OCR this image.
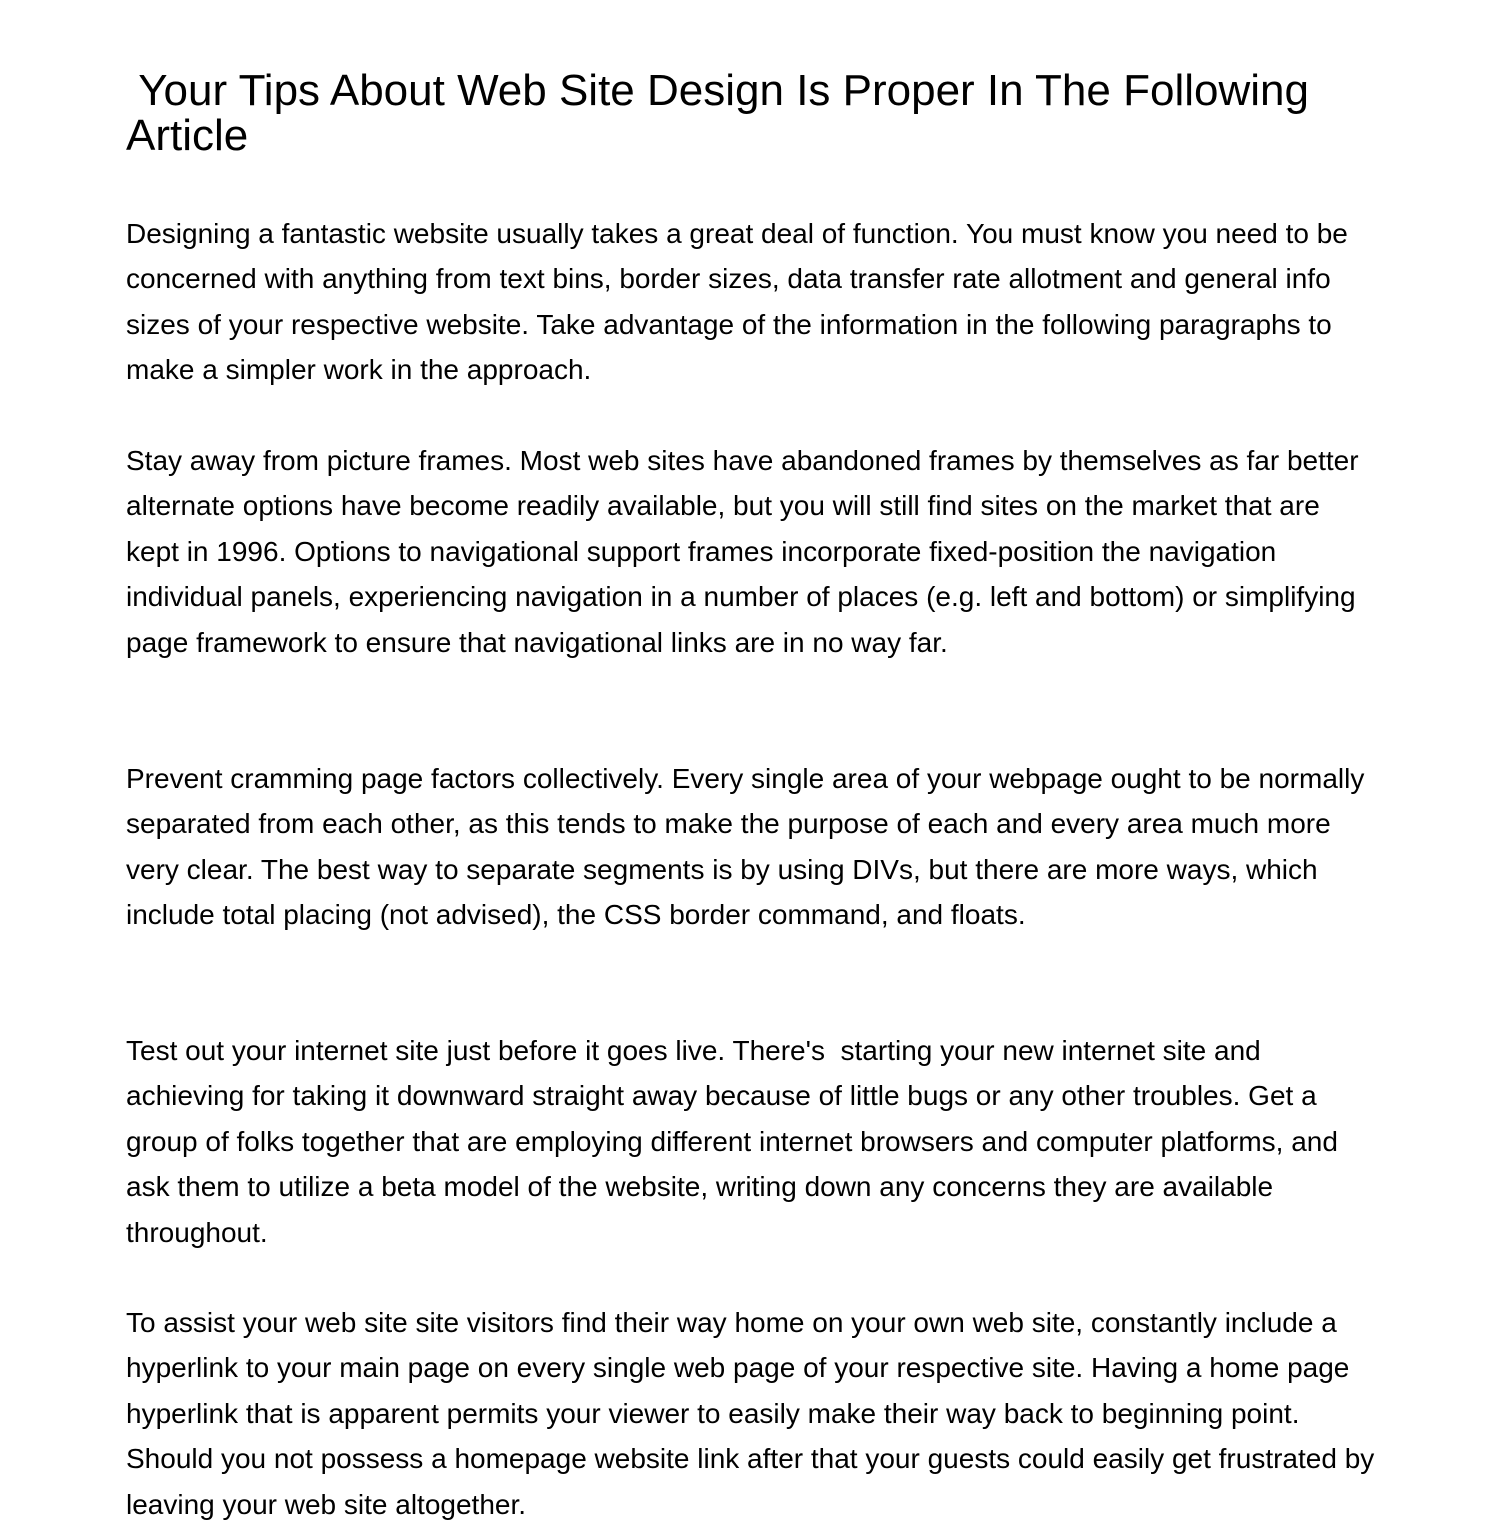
Your Tips About Web Site Design Is Proper In The Following Article

Designing a fantastic website usually takes a great deal of function. You must know you need to be concerned with anything from text bins, border sizes, data transfer rate allotment and general info sizes of your respective website. Take advantage of the information in the following paragraphs to make a simpler work in the approach.

Stay away from picture frames. Most web sites have abandoned frames by themselves as far better alternate options have become readily available, but you will still find sites on the market that are kept in 1996. Options to navigational support frames incorporate fixed-position the navigation individual panels, experiencing navigation in a number of places (e.g. left and bottom) or simplifying page framework to ensure that navigational links are in no way far.

Prevent cramming page factors collectively. Every single area of your webpage ought to be normally separated from each other, as this tends to make the purpose of each and every area much more very clear. The best way to separate segments is by using DIVs, but there are more ways, which include total placing (not advised), the CSS border command, and floats.

Test out your internet site just before it goes live. There's  starting your new internet site and achieving for taking it downward straight away because of little bugs or any other troubles. Get a group of folks together that are employing different internet browsers and computer platforms, and ask them to utilize a beta model of the website, writing down any concerns they are available throughout.

To assist your web site site visitors find their way home on your own web site, constantly include a hyperlink to your main page on every single web page of your respective site. Having a home page hyperlink that is apparent permits your viewer to easily make their way back to beginning point. Should you not possess a homepage website link after that your guests could easily get frustrated by leaving your web site altogether.
